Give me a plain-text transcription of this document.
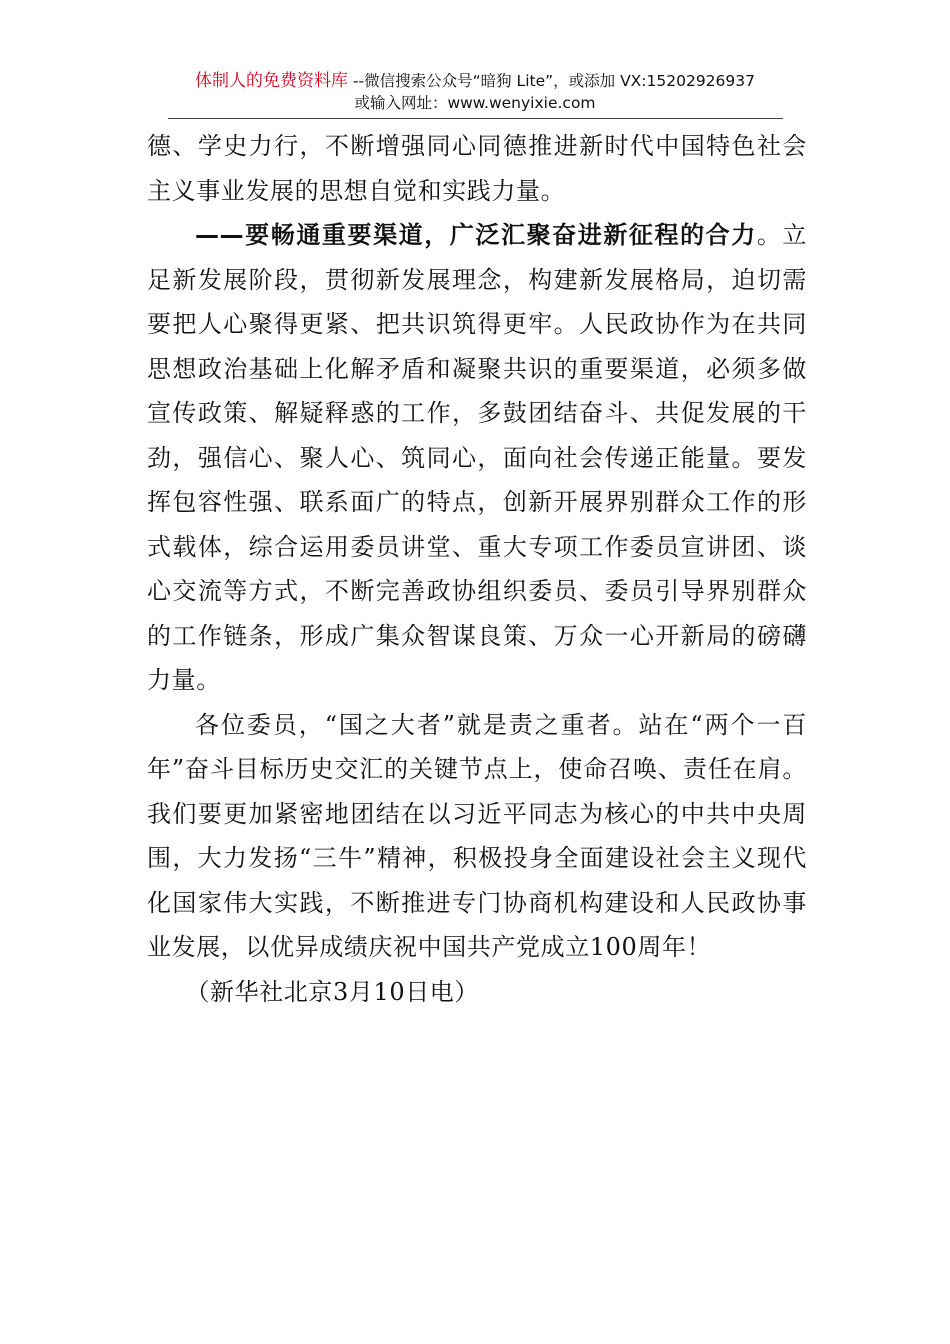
体制人的免费资料库 --微信搜索公众号“暗狗 Lite”，或添加 VX:15202926937
或输入网址：www.wenyixie.com

德、学史力行，不断增强同心同德推进新时代中国特色社会主义事业发展的思想自觉和实践力量。

——要畅通重要渠道，广泛汇聚奋进新征程的合力。立足新发展阶段，贯彻新发展理念，构建新发展格局，迫切需要把人心聚得更紧、把共识筑得更牢。人民政协作为在共同思想政治基础上化解矛盾和凝聚共识的重要渠道，必须多做宣传政策、解疑释惑的工作，多鼓团结奋斗、共促发展的干劲，强信心、聚人心、筑同心，面向社会传递正能量。要发挥包容性强、联系面广的特点，创新开展界别群众工作的形式载体，综合运用委员讲堂、重大专项工作委员宣讲团、谈心交流等方式，不断完善政协组织委员、委员引导界别群众的工作链条，形成广集众智谋良策、万众一心开新局的磅礴力量。

各位委员，“国之大者”就是责之重者。站在“两个一百年”奋斗目标历史交汇的关键节点上，使命召唤、责任在肩。我们要更加紧密地团结在以习近平同志为核心的中共中央周围，大力发扬“三牛”精神，积极投身全面建设社会主义现代化国家伟大实践，不断推进专门协商机构建设和人民政协事业发展，以优异成绩庆祝中国共产党成立100周年！

（新华社北京3月10日电）
